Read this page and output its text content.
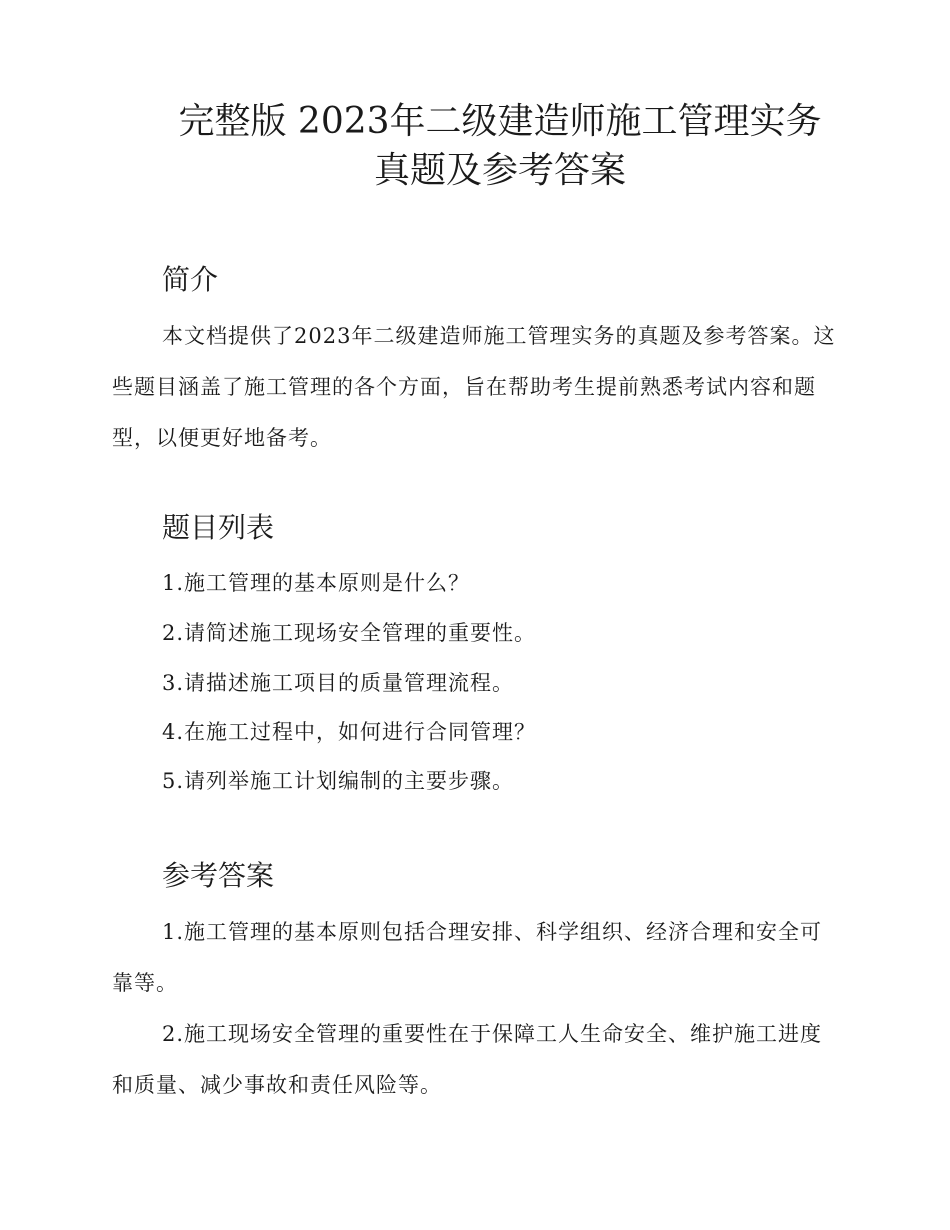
完整版 2023年二级建造师施工管理实务
真题及参考答案
简介

本文档提供了2023年二级建造师施工管理实务的真题及参考答案。这些题目涵盖了施工管理的各个方面，旨在帮助考生提前熟悉考试内容和题型，以便更好地备考。

题目列表

1.施工管理的基本原则是什么？

2.请简述施工现场安全管理的重要性。

3.请描述施工项目的质量管理流程。

4.在施工过程中，如何进行合同管理？

5.请列举施工计划编制的主要步骤。

参考答案

1.施工管理的基本原则包括合理安排、科学组织、经济合理和安全可靠等。

2.施工现场安全管理的重要性在于保障工人生命安全、维护施工进度和质量、减少事故和责任风险等。
